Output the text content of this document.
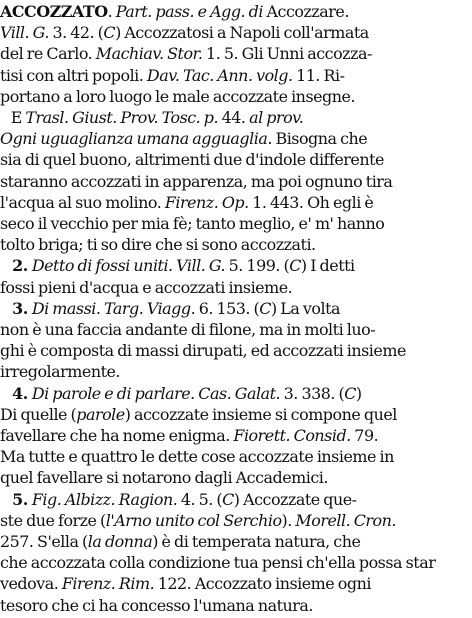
ACCOZZATO. Part. pass. e Agg. di Accozzare.
Vill. G. 3. 42. (C) Accozzatosi a Napoli coll'armata
del re Carlo. Machiav. Stor. 1. 5. Gli Unni accozza-
tisi con altri popoli. Dav. Tac. Ann. volg. 11. Ri-
portano a loro luogo le male accozzate insegne.
E Trasl. Giust. Prov. Tosc. p. 44. al prov.
Ogni uguaglianza umana agguaglia. Bisogna che
sia di quel buono, altrimenti due d'indole differente
staranno accozzati in apparenza, ma poi ognuno tira
l'acqua al suo molino. Firenz. Op. 1. 443. Oh egli è
seco il vecchio per mia fè; tanto meglio, e' m' hanno
tolto briga; ti so dire che si sono accozzati.
2. Detto di fossi uniti. Vill. G. 5. 199. (C) I detti
fossi pieni d'acqua e accozzati insieme.
3. Di massi. Targ. Viagg. 6. 153. (C) La volta
non è una faccia andante di filone, ma in molti luo-
ghi è composta di massi dirupati, ed accozzati insieme
irregolarmente.
4. Di parole e di parlare. Cas. Galat. 3. 338. (C)
Di quelle (parole) accozzate insieme si compone quel
favellare che ha nome enigma. Fiorett. Consid. 79.
Ma tutte e quattro le dette cose accozzate insieme in
quel favellare si notarono dagli Accademici.
5. Fig. Albizz. Ragion. 4. 5. (C) Accozzate que-
ste due forze (l'Arno unito col Serchio). Morell. Cron.
257. S'ella (la donna) è di temperata natura, che
che accozzata colla condizione tua pensi ch'ella possa star
vedova. Firenz. Rim. 122. Accozzato insieme ogni
tesoro che ci ha concesso l'umana natura.
